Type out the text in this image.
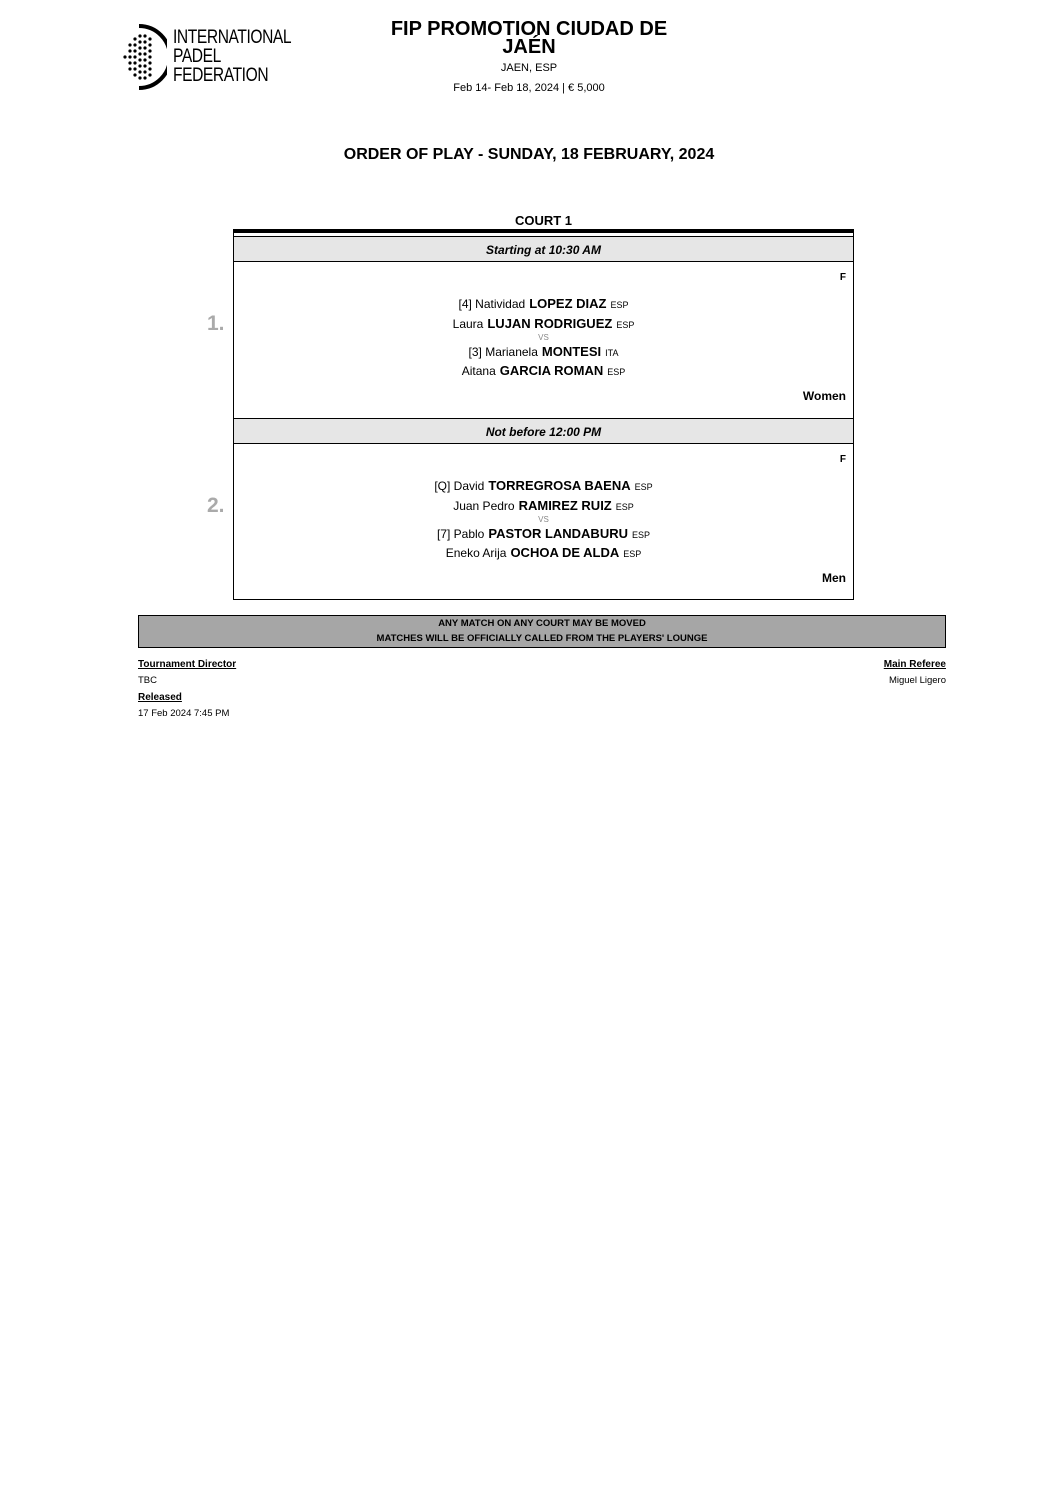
INTERNATIONAL
PADEL
FEDERATION
FIP PROMOTION CIUDAD DE
JAÉN
JAEN, ESP
Feb 14- Feb 18, 2024 | € 5,000
ORDER OF PLAY - SUNDAY, 18 FEBRUARY, 2024
COURT 1
1.
2.
Starting at 10:30 AM
F
[4] Natividad LOPEZ DIAZ ESP
Laura LUJAN RODRIGUEZ ESP
VS
[3] Marianela MONTESI ITA
Aitana GARCIA ROMAN ESP
Women
Not before 12:00 PM
F
[Q] David TORREGROSA BAENA ESP
Juan Pedro RAMIREZ RUIZ ESP
VS
[7] Pablo PASTOR LANDABURU ESP
Eneko Arija OCHOA DE ALDA ESP
Men
ANY MATCH ON ANY COURT MAY BE MOVED
MATCHES WILL BE OFFICIALLY CALLED FROM THE PLAYERS' LOUNGE
Tournament Director
TBC
Released
17 Feb 2024 7:45 PM
Main Referee
Miguel Ligero
